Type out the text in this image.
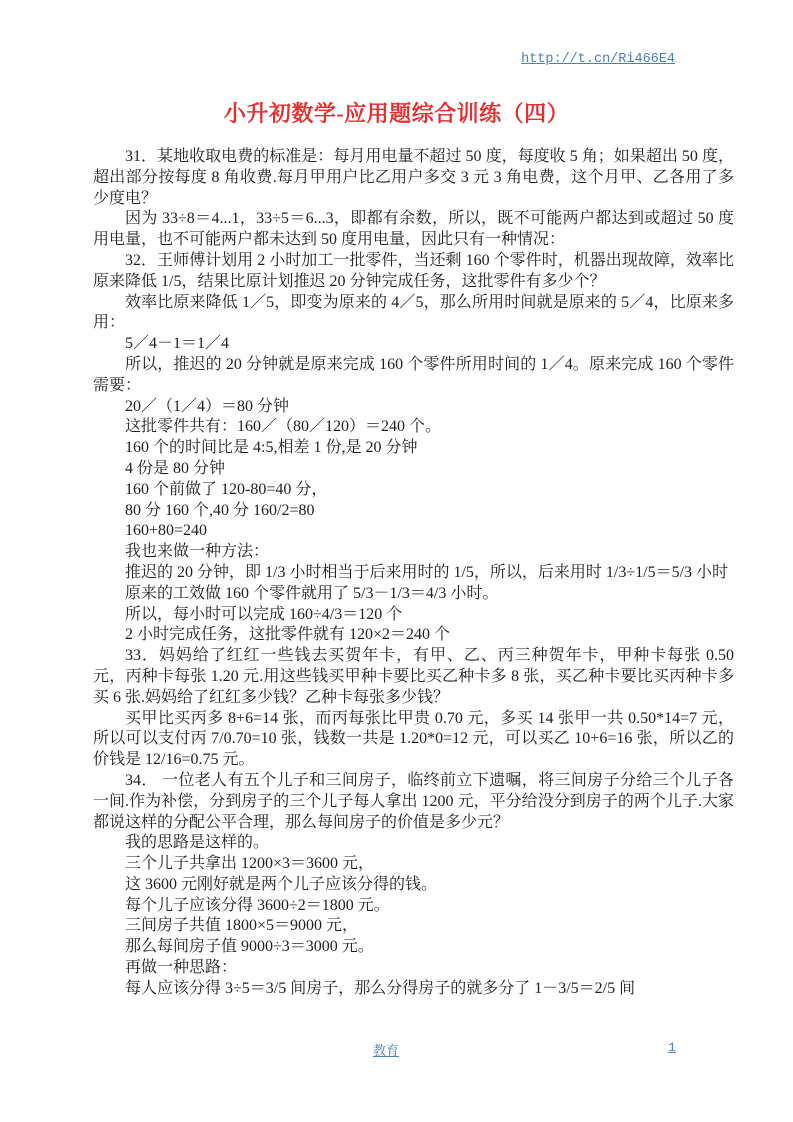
http://t.cn/Ri466E4
小升初数学-应用题综合训练（四）

31．某地收取电费的标准是：每月用电量不超过 50 度，每度收 5 角；如果超出 50 度，超出部分按每度 8 角收费.每月甲用户比乙用户多交 3 元 3 角电费，这个月甲、乙各用了多少度电？

因为 33÷8＝4...1，33÷5＝6...3，即都有余数，所以，既不可能两户都达到或超过 50 度用电量，也不可能两户都未达到 50 度用电量，因此只有一种情况：

32．王师傅计划用 2 小时加工一批零件，当还剩 160 个零件时，机器出现故障，效率比原来降低 1/5，结果比原计划推迟 20 分钟完成任务，这批零件有多少个？

效率比原来降低 1／5，即变为原来的 4／5，那么所用时间就是原来的 5／4，比原来多用：

5／4－1＝1／4

所以，推迟的 20 分钟就是原来完成 160 个零件所用时间的 1／4。原来完成 160 个零件需要：

20／（1／4）＝80 分钟

这批零件共有：160／（80／120）＝240 个。

160 个的时间比是 4:5,相差 1 份,是 20 分钟

4 份是 80 分钟

160 个前做了 120-80=40 分，

80 分 160 个,40 分 160/2=80

160+80=240

我也来做一种方法：

推迟的 20 分钟，即 1/3 小时相当于后来用时的 1/5，所以，后来用时 1/3÷1/5＝5/3 小时

原来的工效做 160 个零件就用了 5/3－1/3＝4/3 小时。

所以，每小时可以完成 160÷4/3＝120 个

2 小时完成任务，这批零件就有 120×2＝240 个

33．妈妈给了红红一些钱去买贺年卡，有甲、乙、丙三种贺年卡，甲种卡每张 0.50 元，丙种卡每张 1.20 元.用这些钱买甲种卡要比买乙种卡多 8 张，买乙种卡要比买丙种卡多买 6 张.妈妈给了红红多少钱？乙种卡每张多少钱？

买甲比买丙多 8+6=14 张，而丙每张比甲贵 0.70 元，多买 14 张甲一共 0.50*14=7 元，所以可以支付丙 7/0.70=10 张，钱数一共是 1.20*0=12 元，可以买乙 10+6=16 张，所以乙的价钱是 12/16=0.75 元。

34． 一位老人有五个儿子和三间房子，临终前立下遗嘱，将三间房子分给三个儿子各一间.作为补偿，分到房子的三个儿子每人拿出 1200 元，平分给没分到房子的两个儿子.大家都说这样的分配公平合理，那么每间房子的价值是多少元？

我的思路是这样的。

三个儿子共拿出 1200×3＝3600 元，

这 3600 元刚好就是两个儿子应该分得的钱。

每个儿子应该分得 3600÷2＝1800 元。

三间房子共值 1800×5＝9000 元，

那么每间房子值 9000÷3＝3000 元。

再做一种思路：

每人应该分得 3÷5＝3/5 间房子，那么分得房子的就多分了 1－3/5＝2/5 间

教育	1
